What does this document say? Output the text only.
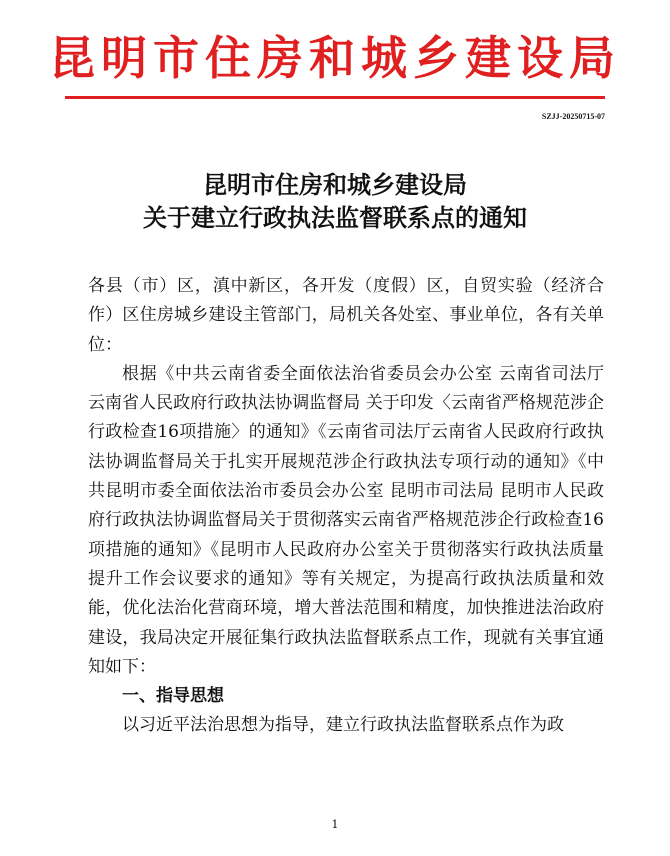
昆明市住房和城乡建设局
SZJJ-20250715-07
昆明市住房和城乡建设局
关于建立行政执法监督联系点的通知

各县（市）区，滇中新区，各开发（度假）区，自贸实验（经济合作）区住房城乡建设主管部门，局机关各处室、事业单位，各有关单位：

根据《中共云南省委全面依法治省委员会办公室 云南省司法厅 云南省人民政府行政执法协调监督局 关于印发〈云南省严格规范涉企行政检查16项措施〉的通知》《云南省司法厅云南省人民政府行政执法协调监督局关于扎实开展规范涉企行政执法专项行动的通知》《中共昆明市委全面依法治市委员会办公室 昆明市司法局 昆明市人民政府行政执法协调监督局关于贯彻落实云南省严格规范涉企行政检查16项措施的通知》《昆明市人民政府办公室关于贯彻落实行政执法质量提升工作会议要求的通知》等有关规定，为提高行政执法质量和效能，优化法治化营商环境，增大普法范围和精度，加快推进法治政府建设，我局决定开展征集行政执法监督联系点工作，现就有关事宜通知如下：

一、指导思想

以习近平法治思想为指导，建立行政执法监督联系点作为政

1
